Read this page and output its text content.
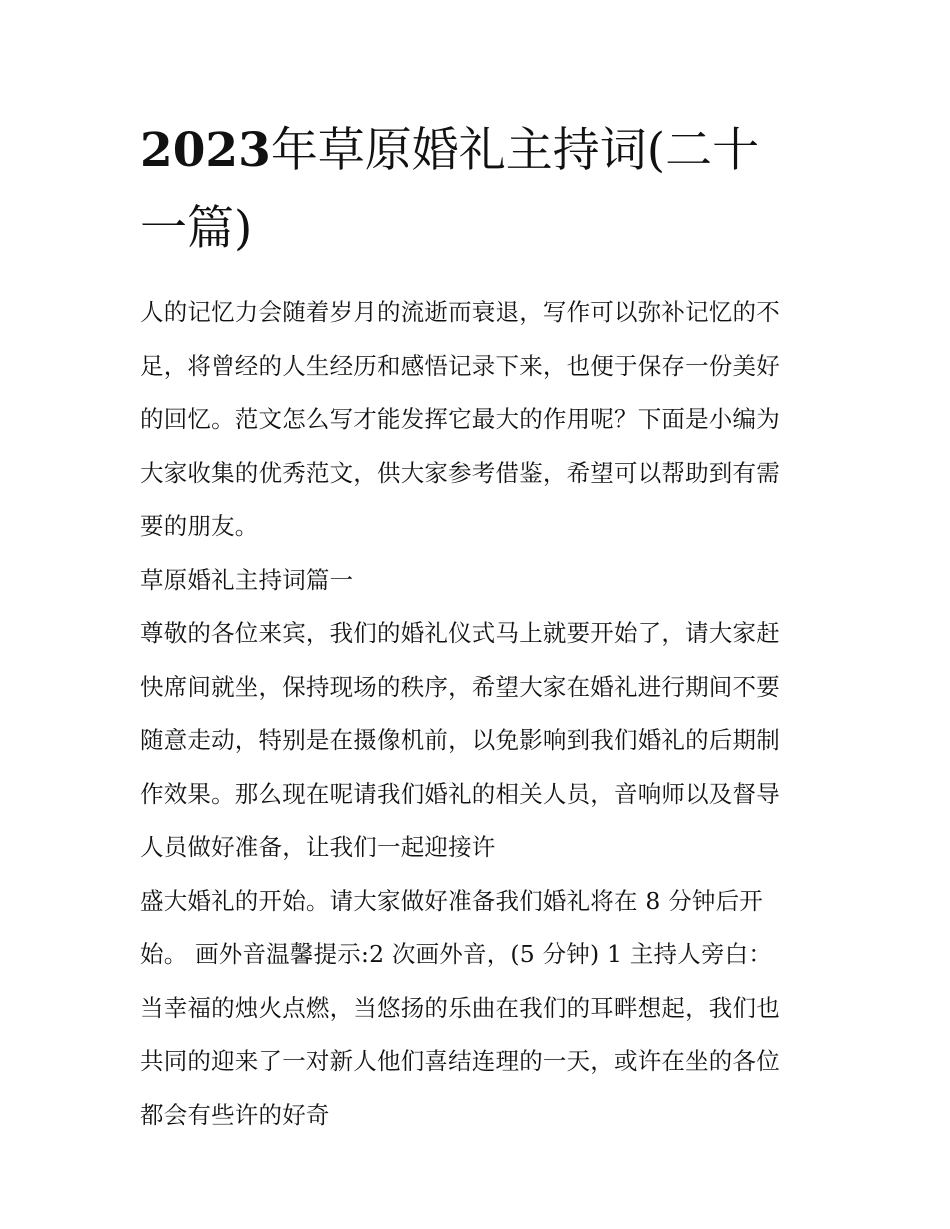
2023年草原婚礼主持词(二十
一篇)
人的记忆力会随着岁月的流逝而衰退，写作可以弥补记忆的不
足，将曾经的人生经历和感悟记录下来，也便于保存一份美好
的回忆。范文怎么写才能发挥它最大的作用呢？下面是小编为
大家收集的优秀范文，供大家参考借鉴，希望可以帮助到有需
要的朋友。
草原婚礼主持词篇一
尊敬的各位来宾，我们的婚礼仪式马上就要开始了，请大家赶
快席间就坐，保持现场的秩序，希望大家在婚礼进行期间不要
随意走动，特别是在摄像机前，以免影响到我们婚礼的后期制
作效果。那么现在呢请我们婚礼的相关人员，音响师以及督导
人员做好准备，让我们一起迎接许
盛大婚礼的开始。请大家做好准备我们婚礼将在 8 分钟后开
始。 画外音温馨提示:2 次画外音，(5 分钟) 1 主持人旁白：
当幸福的烛火点燃，当悠扬的乐曲在我们的耳畔想起，我们也
共同的迎来了一对新人他们喜结连理的一天，或许在坐的各位
都会有些许的好奇
